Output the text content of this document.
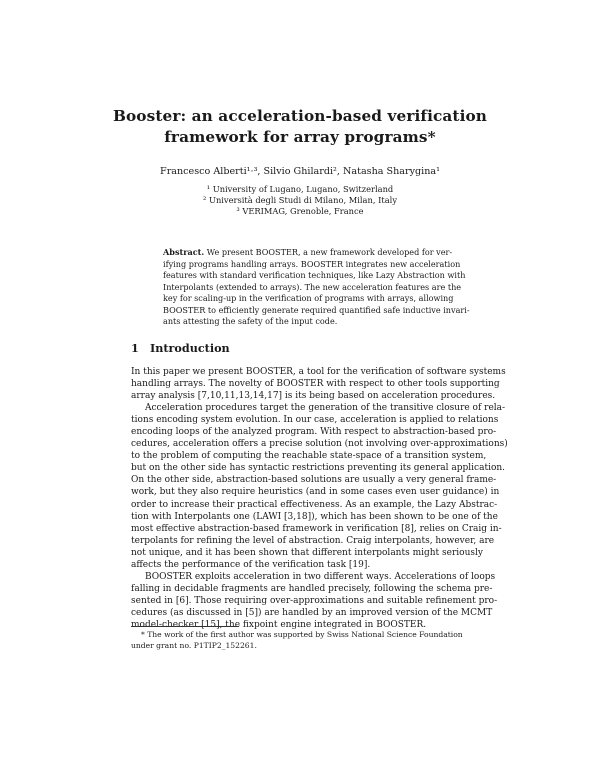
Booster: an acceleration-based verification
framework for array programs*
Francesco Alberti¹·³, Silvio Ghilardi², Natasha Sharygina¹
¹ University of Lugano, Lugano, Switzerland
² Università degli Studi di Milano, Milan, Italy
³ VERIMAG, Grenoble, France
Abstract. We present BOOSTER, a new framework developed for ver-
ifying programs handling arrays. BOOSTER integrates new acceleration
features with standard verification techniques, like Lazy Abstraction with
Interpolants (extended to arrays). The new acceleration features are the
key for scaling-up in the verification of programs with arrays, allowing
BOOSTER to efficiently generate required quantified safe inductive invari-
ants attesting the safety of the input code.
1 Introduction
In this paper we present BOOSTER, a tool for the verification of software systems
handling arrays. The novelty of BOOSTER with respect to other tools supporting
array analysis [7,10,11,13,14,17] is its being based on acceleration procedures.
Acceleration procedures target the generation of the transitive closure of rela-
tions encoding system evolution. In our case, acceleration is applied to relations
encoding loops of the analyzed program. With respect to abstraction-based pro-
cedures, acceleration offers a precise solution (not involving over-approximations)
to the problem of computing the reachable state-space of a transition system,
but on the other side has syntactic restrictions preventing its general application.
On the other side, abstraction-based solutions are usually a very general frame-
work, but they also require heuristics (and in some cases even user guidance) in
order to increase their practical effectiveness. As an example, the Lazy Abstrac-
tion with Interpolants one (LAWI [3,18]), which has been shown to be one of the
most effective abstraction-based framework in verification [8], relies on Craig in-
terpolants for refining the level of abstraction. Craig interpolants, however, are
not unique, and it has been shown that different interpolants might seriously
affects the performance of the verification task [19].
BOOSTER exploits acceleration in two different ways. Accelerations of loops
falling in decidable fragments are handled precisely, following the schema pre-
sented in [6]. Those requiring over-approximations and suitable refinement pro-
cedures (as discussed in [5]) are handled by an improved version of the MCMT
model-checker [15], the fixpoint engine integrated in BOOSTER.
* The work of the first author was supported by Swiss National Science Foundation
under grant no. P1TIP2_152261.
